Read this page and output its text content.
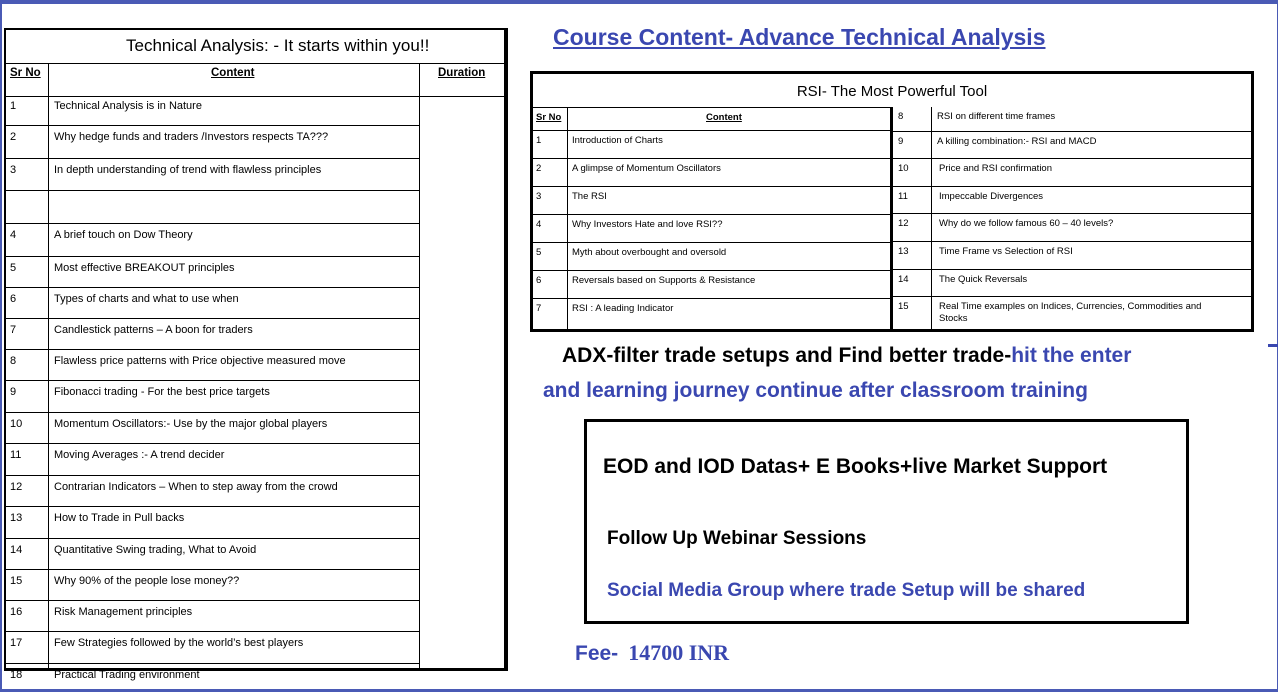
Technical Analysis: - It starts within you!!
Sr No	Content	Duration
1	Technical Analysis is in Nature
2	Why hedge funds and traders /Investors respects TA???
3	In depth understanding of trend with flawless principles
4	A brief touch on Dow Theory
5	Most effective BREAKOUT principles
6	Types of charts and what to use when
7	Candlestick patterns – A boon for traders
8	Flawless price patterns with Price objective measured move
9	Fibonacci trading - For the best price targets
10	Momentum Oscillators:- Use by the major global players
11	Moving Averages :- A trend decider
12	Contrarian Indicators – When to step away from the crowd
13	How to Trade in Pull backs
14	Quantitative Swing trading, What to Avoid
15	Why 90% of the people lose money??
16	Risk Management principles
17	Few Strategies followed by the world’s best players
18	Practical Trading environment
Course Content- Advance Technical Analysis
RSI- The Most Powerful Tool
Sr No	Content
1	Introduction of Charts
2	A glimpse of Momentum Oscillators
3	The RSI
4	Why Investors Hate and love RSI??
5	Myth about overbought and oversold
6	Reversals based on Supports & Resistance
7	RSI : A leading Indicator
8	RSI on different time frames
9	A killing combination:- RSI and MACD
10	Price and RSI confirmation
11	Impeccable Divergences
12	Why do we follow famous 60 – 40 levels?
13	Time Frame vs Selection of RSI
14	The Quick Reversals
15	Real Time examples on Indices, Currencies, Commodities and
Stocks
ADX-filter trade setups and Find better trade-hit the enter
and learning journey continue after classroom training
EOD and IOD Datas+ E Books+live Market Support
Follow Up Webinar Sessions
Social Media Group where trade Setup will be shared
Fee- 14700 INR
